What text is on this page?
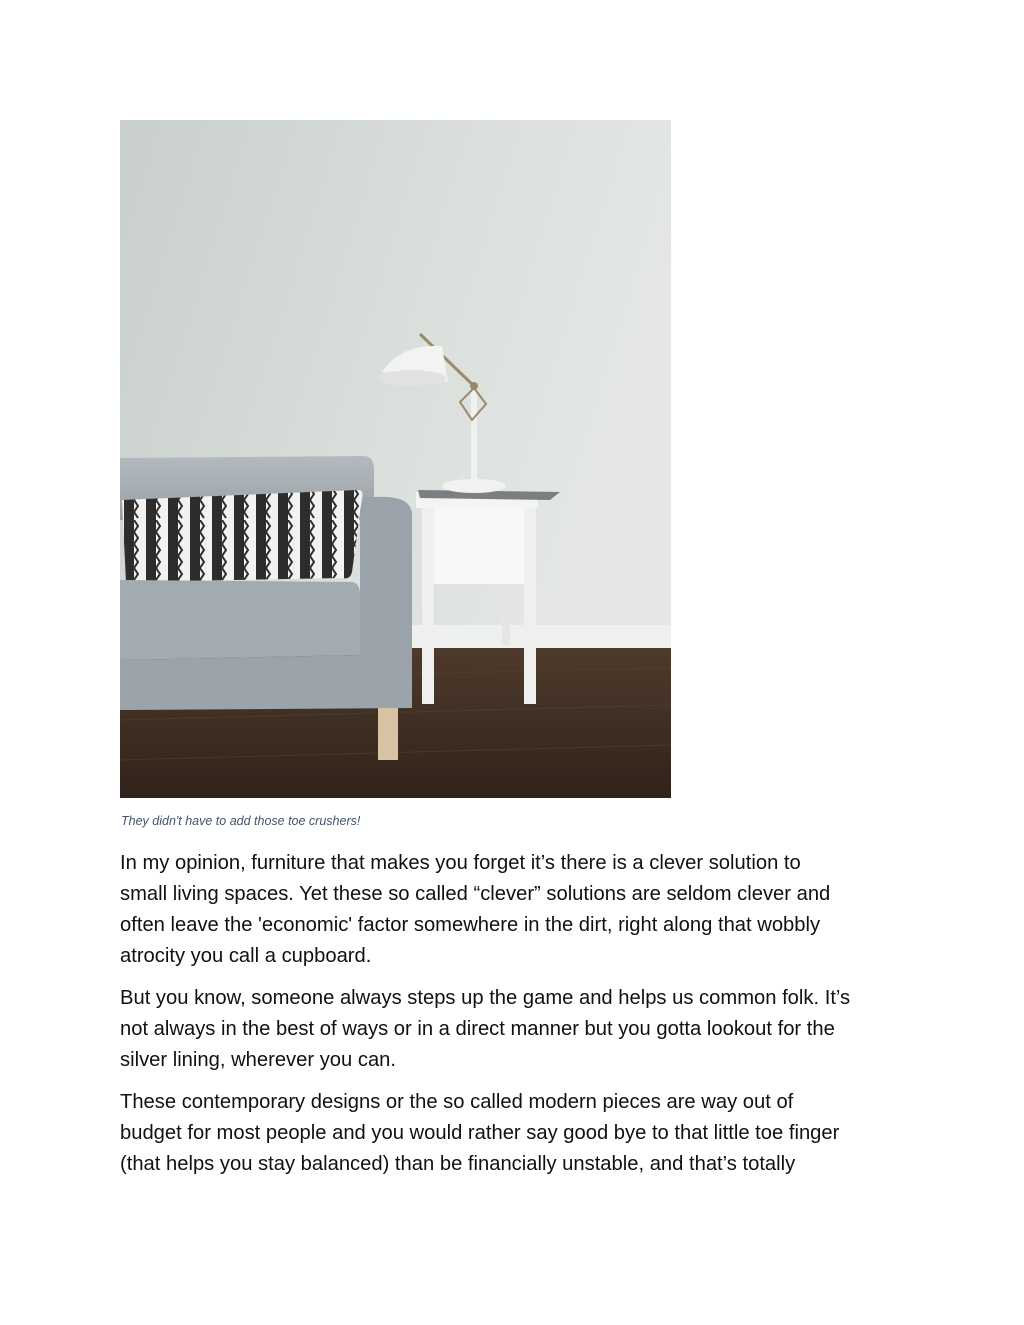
They didn't have to add those toe crushers!

In my opinion, furniture that makes you forget it’s there is a clever solution to
small living spaces. Yet these so called “clever” solutions are seldom clever and
often leave the 'economic' factor somewhere in the dirt, right along that wobbly
atrocity you call a cupboard.

But you know, someone always steps up the game and helps us common folk. It’s
not always in the best of ways or in a direct manner but you gotta lookout for the
silver lining, wherever you can.

These contemporary designs or the so called modern pieces are way out of
budget for most people and you would rather say good bye to that little toe finger
(that helps you stay balanced) than be financially unstable, and that’s totally
